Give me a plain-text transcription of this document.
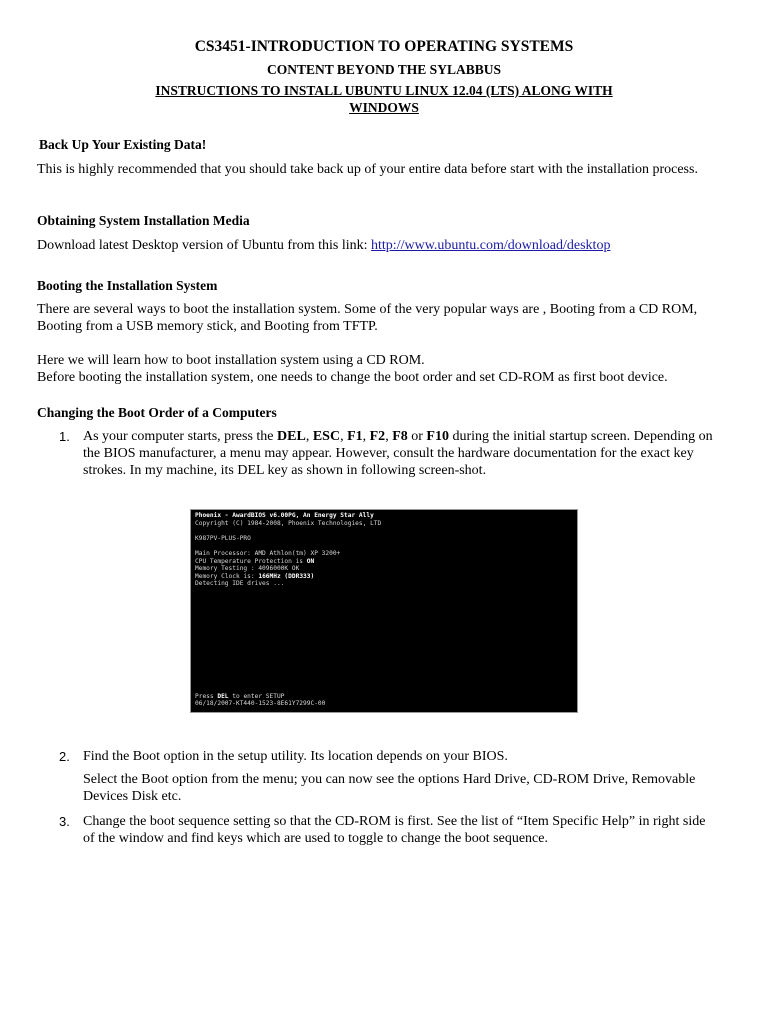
CS3451-INTRODUCTION TO OPERATING SYSTEMS
CONTENT BEYOND THE SYLABBUS
INSTRUCTIONS TO INSTALL UBUNTU LINUX 12.04 (LTS) ALONG WITH WINDOWS
Back Up Your Existing Data!
This is highly recommended that you should take back up of your entire data before start with the installation process.
Obtaining System Installation Media
Download latest Desktop version of Ubuntu from this link: http://www.ubuntu.com/download/desktop
Booting the Installation System
There are several ways to boot the installation system. Some of the very popular ways are , Booting from a CD ROM, Booting from a USB memory stick, and Booting from TFTP.
Here we will learn how to boot installation system using a CD ROM.
Before booting the installation system, one needs to change the boot order and set CD-ROM as first boot device.
Changing the Boot Order of a Computers
1. As your computer starts, press the DEL, ESC, F1, F2, F8 or F10 during the initial startup screen. Depending on the BIOS manufacturer, a menu may appear. However, consult the hardware documentation for the exact key strokes. In my machine, its DEL key as shown in following screen-shot.
Phoenix - AwardBIOS v6.00PG, An Energy Star Ally
Copyright (C) 1984-2008, Phoenix Technologies, LTD

K987PV-PLUS-PRO

Main Processor: AMD Athlon(tm) XP 3200+
CPU Temperature Protection is ON
Memory Testing : 4096000K OK
Memory Clock is: 166MHz (DDR333)
Detecting IDE drives ...
Press DEL to enter SETUP
06/18/2007-KT440-1523-8E61Y7299C-00
2. Find the Boot option in the setup utility. Its location depends on your BIOS.
Select the Boot option from the menu; you can now see the options Hard Drive, CD-ROM Drive, Removable Devices Disk etc.
3. Change the boot sequence setting so that the CD-ROM is first. See the list of “Item Specific Help” in right side of the window and find keys which are used to toggle to change the boot sequence.
